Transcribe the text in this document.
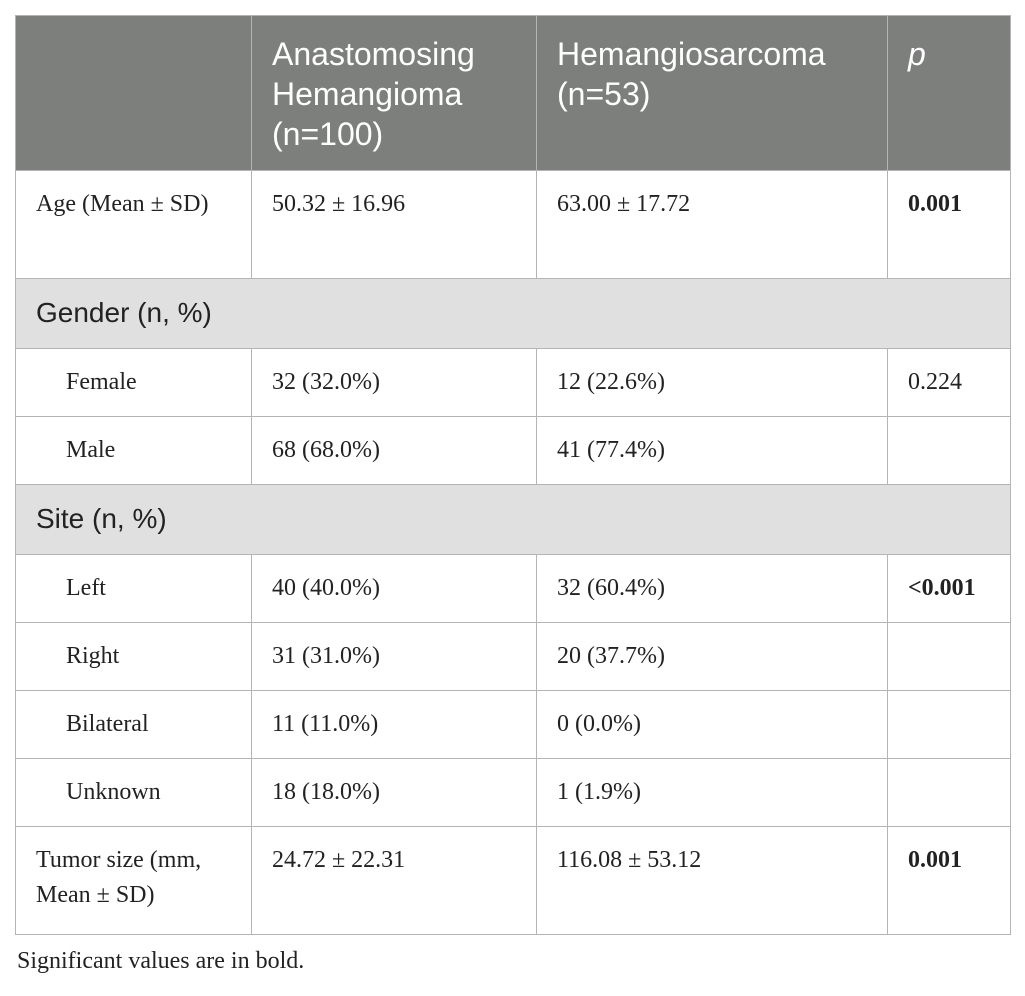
	Anastomosing Hemangioma (n=100)	Hemangiosarcoma (n=53)	p
Age (Mean ± SD)	50.32 ± 16.96	63.00 ± 17.72	0.001
Gender (n, %)			
Female	32 (32.0%)	12 (22.6%)	0.224
Male	68 (68.0%)	41 (77.4%)	
Site (n, %)			
Left	40 (40.0%)	32 (60.4%)	<0.001
Right	31 (31.0%)	20 (37.7%)	
Bilateral	11 (11.0%)	0 (0.0%)	
Unknown	18 (18.0%)	1 (1.9%)	
Tumor size (mm, Mean ± SD)	24.72 ± 22.31	116.08 ± 53.12	0.001
Significant values are in bold.
